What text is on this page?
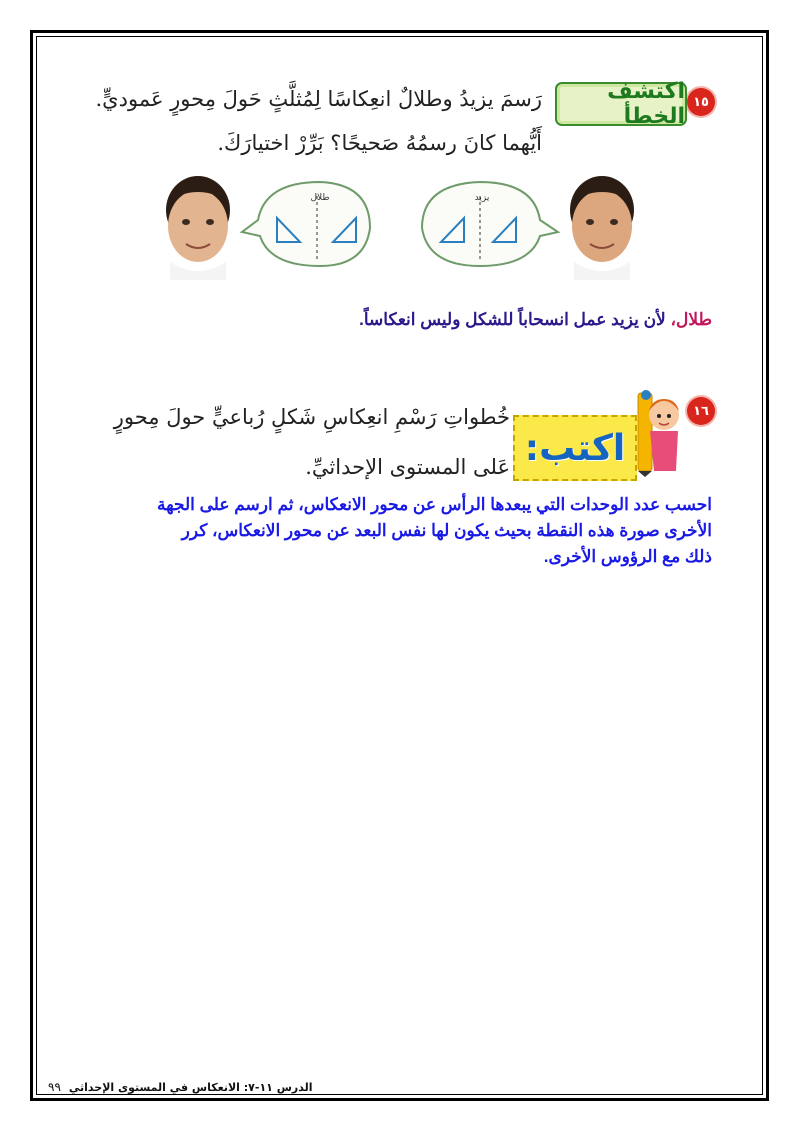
١٥
اكتشف الخطأ
رَسمَ يزيدُ وطلالٌ انعِكاسًا لِمُثلَّثٍ حَولَ مِحورٍ عَموديٍّ.
أَيُّهما كانَ رسمُهُ صَحيحًا؟ بَرِّرْ اختيارَكَ.
طلال	يزيد
طلال، لأن يزيد عمل انسحاباً للشكل وليس انعكاساً.
١٦
اكتب:
خُطواتِ رَسْمِ انعِكاسِ شَكلٍ رُباعيٍّ حولَ مِحورٍ
عَلى المستوى الإحداثيِّ.
احسب عدد الوحدات التي يبعدها الرأس عن محور الانعكاس، ثم ارسم على الجهة
الأخرى صورة هذه النقطة بحيث يكون لها نفس البعد عن محور الانعكاس، كرر
ذلك مع الرؤوس الأخرى.
الدرس ١١-٧: الانعكاس في المستوى الإحداثي
٩٩
